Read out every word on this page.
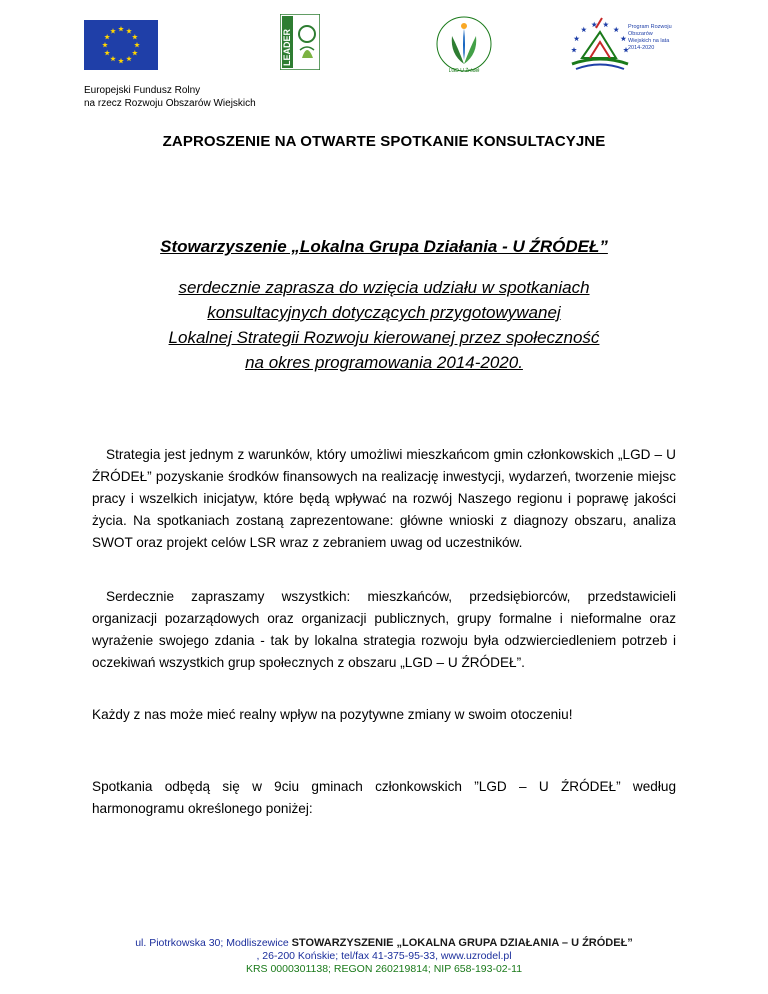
LEADER
LGD U Źródeł
Program Rozwoju Obszarów Wiejskich na lata 2014-2020
Europejski Fundusz Rolny
na rzecz Rozwoju Obszarów Wiejskich
ZAPROSZENIE NA OTWARTE SPOTKANIE KONSULTACYJNE
Stowarzyszenie „Lokalna Grupa Działania - U ŹRÓDEŁ”
serdecznie zaprasza do wzięcia udziału w spotkaniach
konsultacyjnych dotyczących przygotowywanej
Lokalnej Strategii Rozwoju kierowanej przez społeczność
na okres programowania 2014-2020.
Strategia jest jednym z warunków, który umożliwi mieszkańcom gmin członkowskich „LGD – U ŹRÓDEŁ” pozyskanie środków finansowych na realizację inwestycji, wydarzeń, tworzenie miejsc pracy i wszelkich inicjatyw, które będą wpływać na rozwój Naszego regionu i poprawę jakości życia. Na spotkaniach zostaną zaprezentowane: główne wnioski z diagnozy obszaru, analiza SWOT oraz projekt celów LSR wraz z zebraniem uwag od uczestników.
Serdecznie zapraszamy wszystkich: mieszkańców, przedsiębiorców, przedstawicieli organizacji pozarządowych oraz organizacji publicznych, grupy formalne i nieformalne oraz wyrażenie swojego zdania - tak by lokalna strategia rozwoju była odzwierciedleniem potrzeb i oczekiwań wszystkich grup społecznych z obszaru „LGD – U ŹRÓDEŁ”.
Każdy z nas może mieć realny wpływ na pozytywne zmiany w swoim otoczeniu!
Spotkania odbędą się w 9ciu gminach członkowskich ”LGD – U ŹRÓDEŁ” według harmonogramu określonego poniżej:
ul. Piotrkowska 30; Modliszewice STOWARZYSZENIE „LOKALNA GRUPA DZIAŁANIA – U ŹRÓDEŁ”
, 26-200 Końskie; tel/fax 41-375-95-33, www.uzrodel.pl
KRS 0000301138; REGON 260219814; NIP 658-193-02-11
